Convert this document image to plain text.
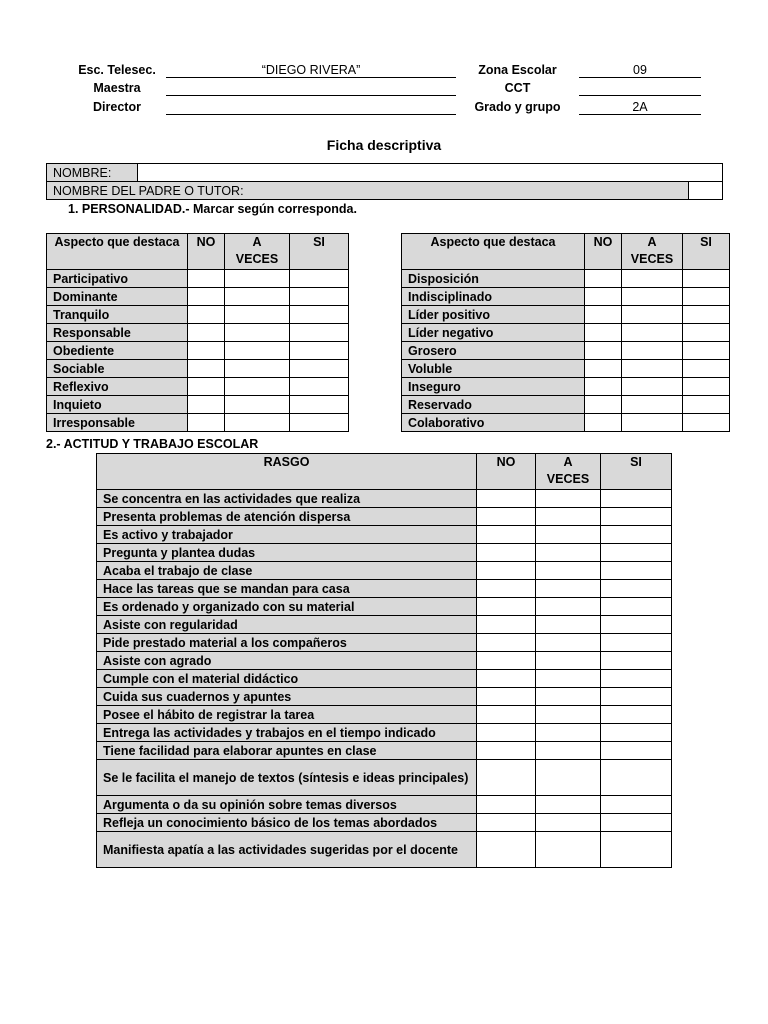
Esc. Telesec.	“DIEGO RIVERA”
Maestra
Director
Zona Escolar	09
CCT
Grado y grupo	2A
Ficha descriptiva
NOMBRE:		
NOMBRE DEL PADRE O TUTOR:		
1. PERSONALIDAD.- Marcar según corresponda.
Aspecto que destaca	NO	A VECES	SI
Participativo			
Dominante			
Tranquilo			
Responsable			
Obediente			
Sociable			
Reflexivo			
Inquieto			
Irresponsable			
Aspecto que destaca	NO	A VECES	SI
Disposición			
Indisciplinado			
Líder positivo			
Líder negativo			
Grosero			
Voluble			
Inseguro			
Reservado			
Colaborativo			
2.- ACTITUD Y TRABAJO ESCOLAR
RASGO	NO	A VECES	SI
Se concentra en las actividades que realiza			
Presenta problemas de atención dispersa			
Es activo y trabajador			
Pregunta y plantea dudas			
Acaba el trabajo de clase			
Hace las tareas que se mandan para casa			
Es ordenado y organizado con su material			
Asiste con regularidad			
Pide prestado material a los compañeros			
Asiste con agrado			
Cumple con el material didáctico			
Cuida sus cuadernos y apuntes			
Posee el hábito de registrar la tarea			
Entrega las actividades y trabajos en el tiempo indicado			
Tiene facilidad para elaborar apuntes en clase			
Se le facilita el manejo de textos (síntesis e ideas principales)			
Argumenta o da su opinión sobre temas diversos			
Refleja un conocimiento básico de los temas abordados			
Manifiesta apatía a las actividades sugeridas por el docente			
